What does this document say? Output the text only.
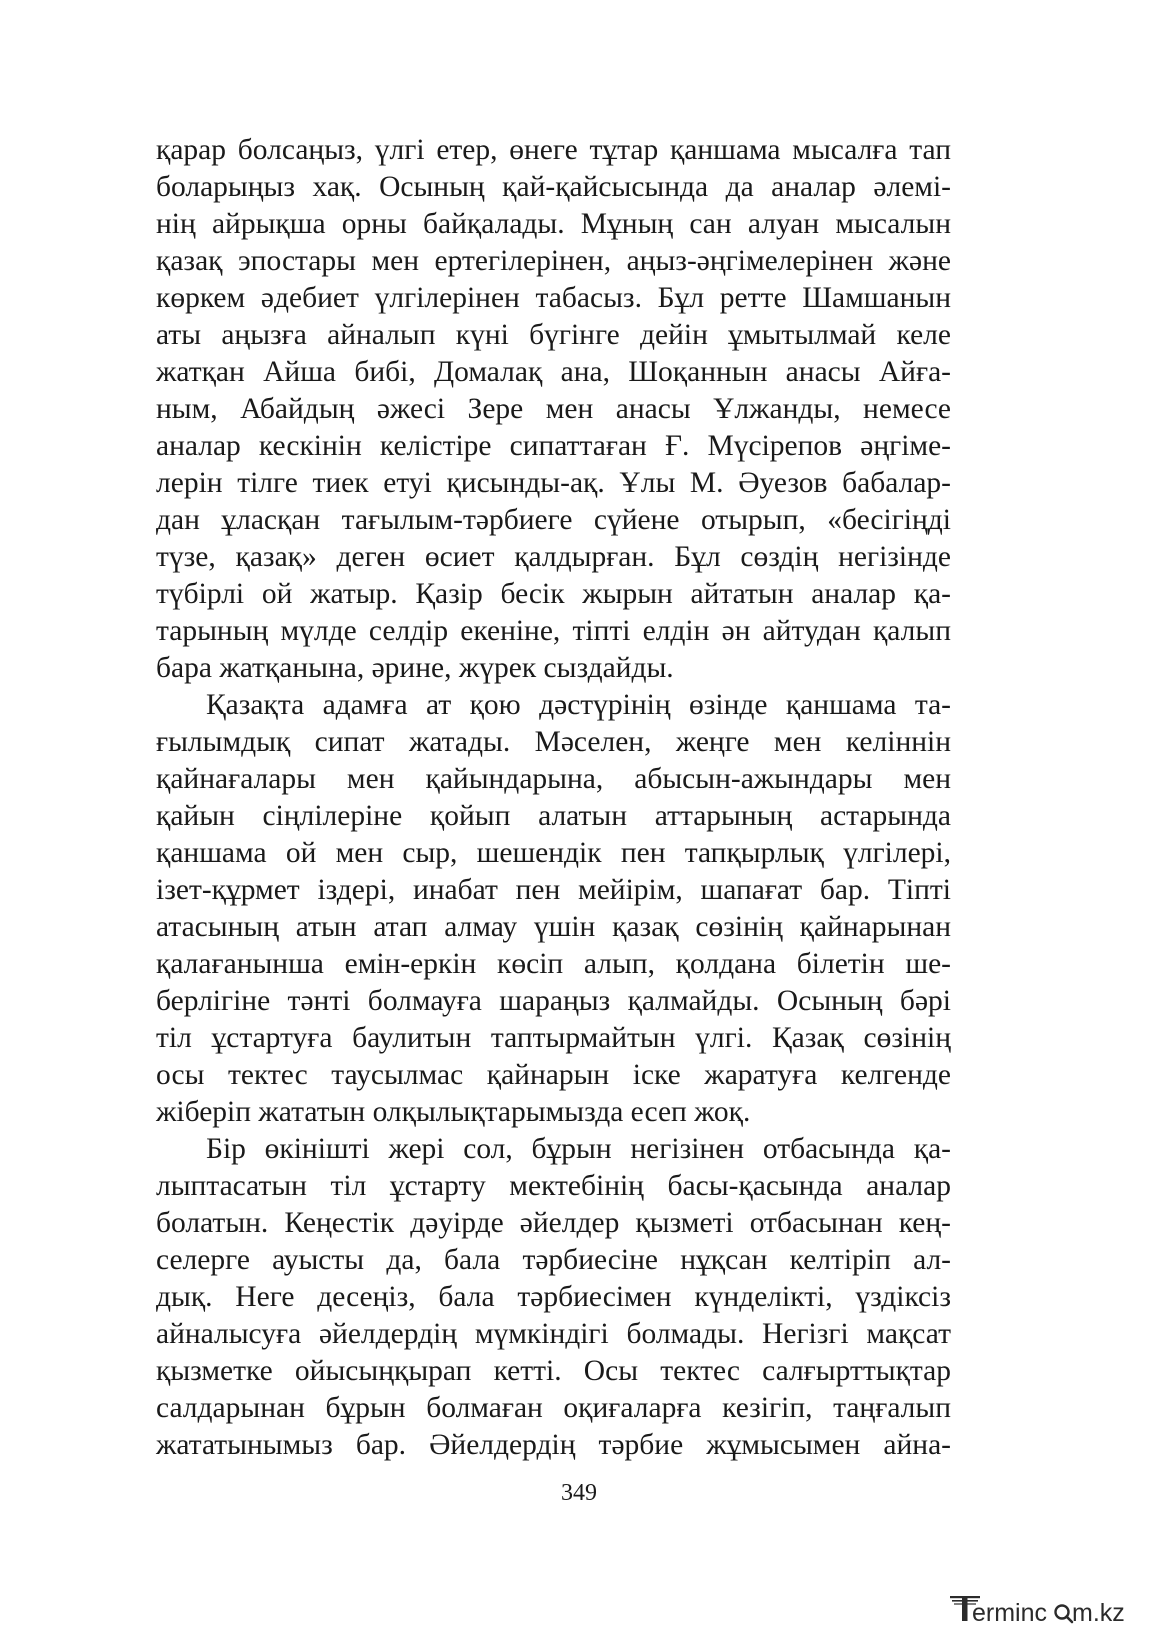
қарар болсаңыз, үлгі етер, өнеге тұтар қаншама мысалға тап
боларыңыз хақ. Осының қай-қайсысында да аналар әлемі-
нің айрықша орны байқалады. Мұның сан алуан мысалын
қазақ эпостары мен ертегілерінен, аңыз-әңгімелерінен және
көркем әдебиет үлгілерінен табасыз. Бұл ретте Шамшанын
аты аңызға айналып күні бүгінге дейін ұмытылмай келе
жатқан Айша бибі, Домалақ ана, Шоқаннын анасы Айға-
ным, Абайдың әжесі Зере мен анасы Ұлжанды, немесе
аналар кескінін келістіре сипаттаған Ғ. Мүсірепов әңгіме-
лерін тілге тиек етуі қисынды-ақ. Ұлы М. Әуезов бабалар-
дан ұласқан тағылым-тәрбиеге сүйене отырып, «бесігіңді
түзе, қазақ» деген өсиет қалдырған. Бұл сөздің негізінде
түбірлі ой жатыр. Қазір бесік жырын айтатын аналар қа-
тарының мүлде селдір екеніне, тіпті елдін ән айтудан қалып
бара жатқанына, әрине, жүрек сыздайды.
Қазақта адамға ат қою дәстүрінің өзінде қаншама та-
ғылымдық сипат жатады. Мәселен, жеңге мен келіннін
қайнағалары мен қайындарына, абысын-ажындары мен
қайын сіңлілеріне қойып алатын аттарының астарында
қаншама ой мен сыр, шешендік пен тапқырлық үлгілері,
ізет-құрмет іздері, инабат пен мейірім, шапағат бар. Тіпті
атасының атын атап алмау үшін қазақ сөзінің қайнарынан
қалағанынша емін-еркін көсіп алып, қолдана білетін ше-
берлігіне тәнті болмауға шараңыз қалмайды. Осының бәрі
тіл ұстартуға баулитын таптырмайтын үлгі. Қазақ сөзінің
осы тектес таусылмас қайнарын іске жаратуға келгенде
жіберіп жататын олқылықтарымызда есеп жоқ.
Бір өкінішті жері сол, бұрын негізінен отбасында қа-
лыптасатын тіл ұстарту мектебінің басы-қасында аналар
болатын. Кеңестік дәуірде әйелдер қызметі отбасынан кең-
селерге ауысты да, бала тәрбиесіне нұқсан келтіріп ал-
дық. Неге десеңіз, бала тәрбиесімен күнделікті, үздіксіз
айналысуға әйелдердің мүмкіндігі болмады. Негізгі мақсат
қызметке ойысыңқырап кетті. Осы тектес салғырттықтар
салдарынан бұрын болмаған оқиғаларға кезігіп, таңғалып
жататынымыз бар. Әйелдердің тәрбие жұмысымен айна-
349
erminc m.kz
